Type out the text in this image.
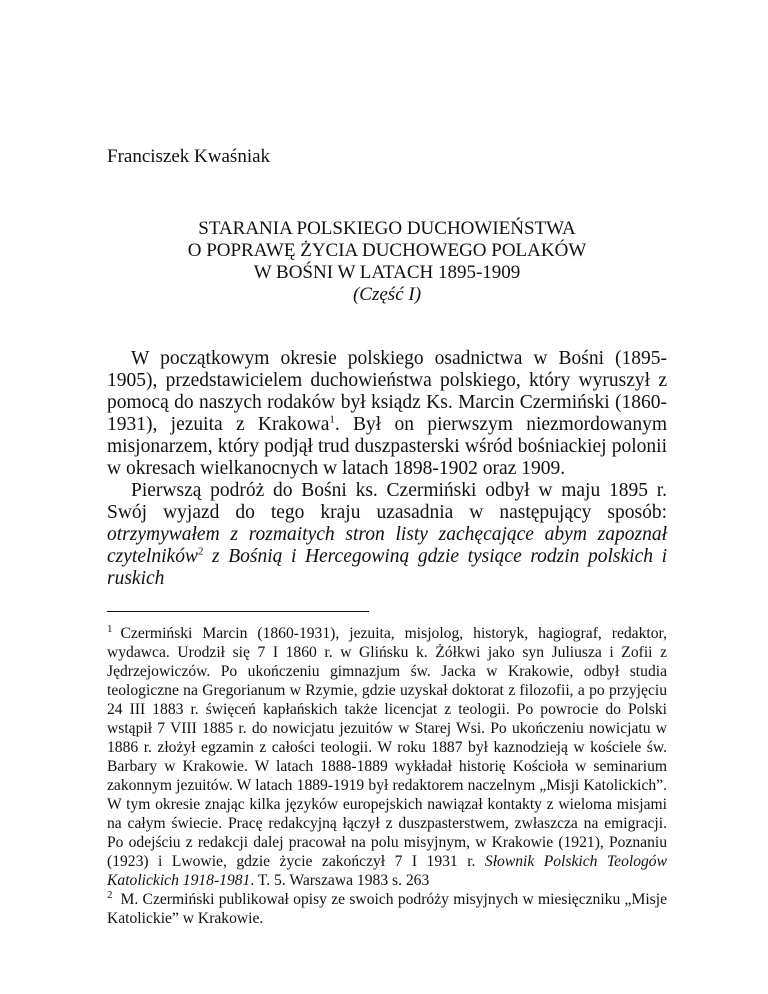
Franciszek Kwaśniak
STARANIA POLSKIEGO DUCHOWIEŃSTWA
O POPRAWĘ ŻYCIA DUCHOWEGO POLAKÓW
W BOŚNI W LATACH 1895-1909
(Część I)

W początkowym okresie polskiego osadnictwa w Bośni (1895-1905), przedstawicielem duchowieństwa polskiego, który wyruszył z pomocą do naszych rodaków był ksiądz Ks. Marcin Czermiński (1860-1931), jezuita z Krakowa$^1$. Był on pierwszym niezmordowanym misjonarzem, który podjął trud duszpasterski wśród bośniackiej polonii w okresach wielkanocnych w latach 1898-1902 oraz 1909.

Pierwszą podróż do Bośni ks. Czermiński odbył w maju 1895 r. Swój wyjazd do tego kraju uzasadnia w następujący sposób: otrzymywałem z rozmaitych stron listy zachęcające abym zapoznał czytelników$^2$ z Bośnią i Hercegowiną gdzie tysiące rodzin polskich i ruskich

$^1$ Czermiński Marcin (1860-1931), jezuita, misjolog, historyk, hagiograf, redaktor, wydawca. Urodził się 7 I 1860 r. w Glińsku k. Żółkwi jako syn Juliusza i Zofii z Jędrzejowiczów. Po ukończeniu gimnazjum św. Jacka w Krakowie, odbył studia teologiczne na Gregorianum w Rzymie, gdzie uzyskał doktorat z filozofii, a po przyjęciu 24 III 1883 r. święceń kapłańskich także licencjat z teologii. Po powrocie do Polski wstąpił 7 VIII 1885 r. do nowicjatu jezuitów w Starej Wsi. Po ukończeniu nowicjatu w 1886 r. złożył egzamin z całości teologii. W roku 1887 był kaznodzieją w kościele św. Barbary w Krakowie. W latach 1888-1889 wykładał historię Kościoła w seminarium zakonnym jezuitów. W latach 1889-1919 był redaktorem naczelnym „Misji Katolickich”. W tym okresie znając kilka języków europejskich nawiązał kontakty z wieloma misjami na całym świecie. Pracę redakcyjną łączył z duszpasterstwem, zwłaszcza na emigracji. Po odejściu z redakcji dalej pracował na polu misyjnym, w Krakowie (1921), Poznaniu (1923) i Lwowie, gdzie życie zakończył 7 I 1931 r. Słownik Polskich Teologów Katolickich 1918-1981. T. 5. Warszawa 1983 s. 263

$^2$ M. Czermiński publikował opisy ze swoich podróży misyjnych w miesięczniku „Misje Katolickie” w Krakowie.
